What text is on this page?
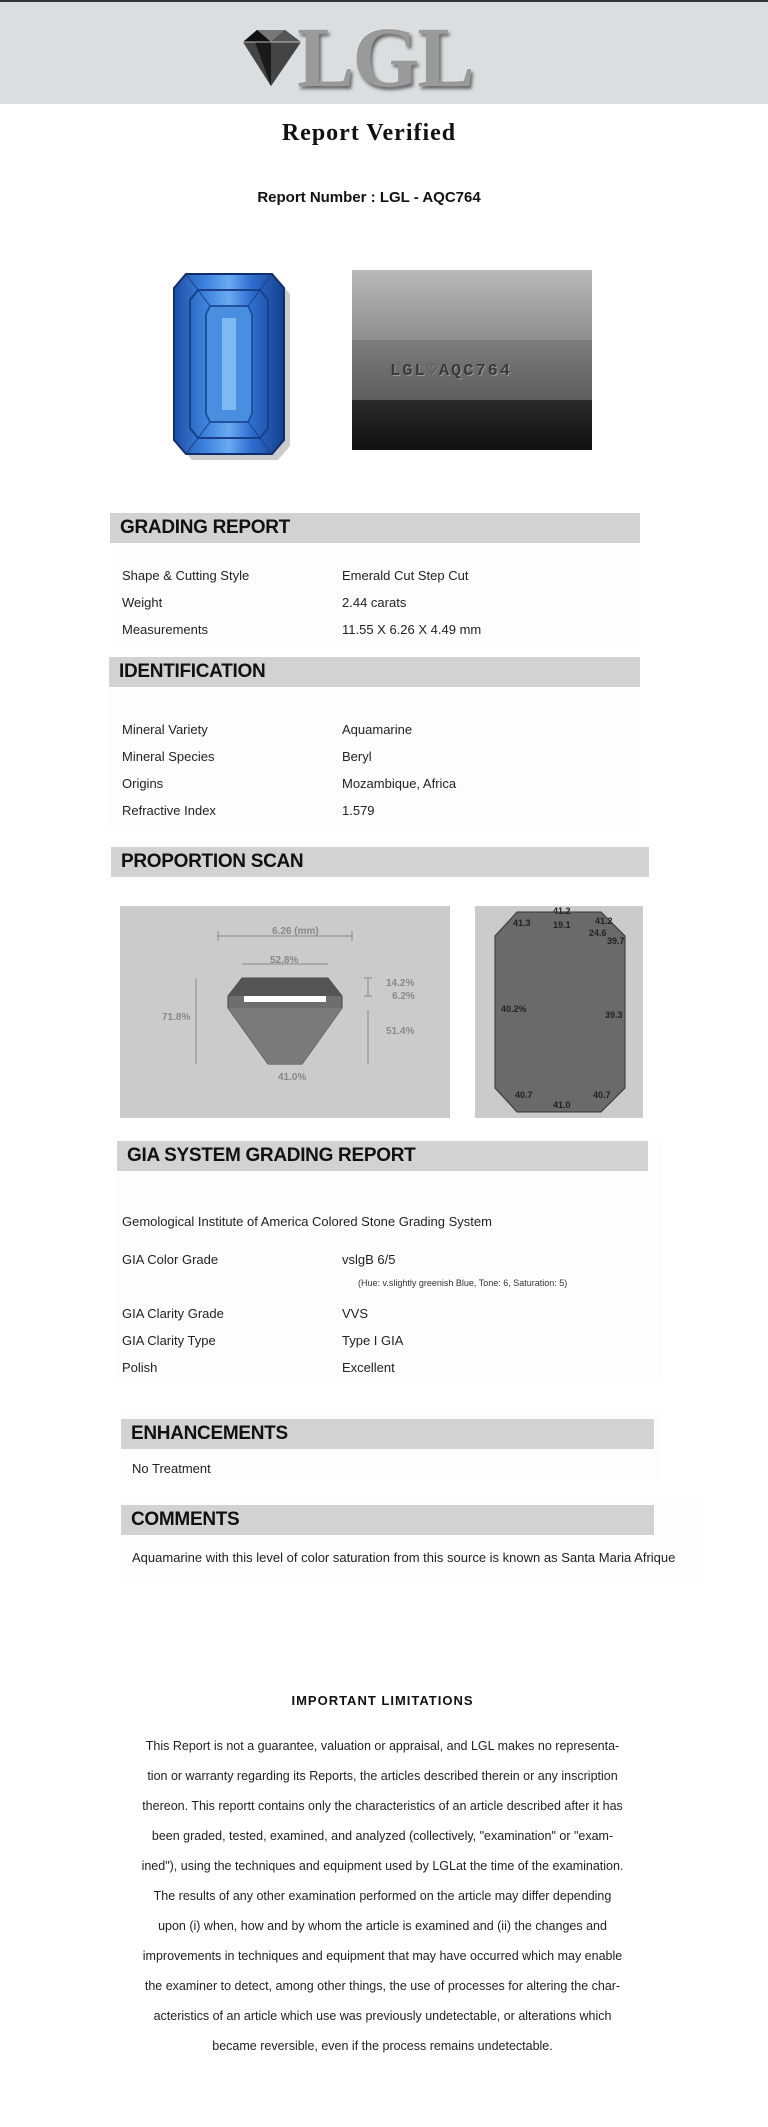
LGL
Report Verified
Report Number : LGL - AQC764
LGL♡AQC764
GRADING REPORT
Shape & Cutting Style	Emerald Cut Step Cut
Weight	2.44 carats
Measurements	11.55 X 6.26 X 4.49 mm
IDENTIFICATION
Mineral Variety	Aquamarine
Mineral Species	Beryl
Origins	Mozambique, Africa
Refractive Index	1.579
PROPORTION SCAN
6.26 (mm)
52.8%
71.8%
14.2%
6.2%
51.4%
41.0%
41.3
41.2
19.1	41.2
24.6
39.7
40.2%
39.3
40.7
41.0
40.7
GIA SYSTEM GRADING REPORT
Gemological Institute of America Colored Stone Grading System
GIA Color Grade	vslgB 6/5
(Hue: v.slightly greenish Blue, Tone: 6, Saturation: 5)
GIA Clarity Grade	VVS
GIA Clarity Type	Type I GIA
Polish	Excellent
ENHANCEMENTS
No Treatment
COMMENTS
Aquamarine with this level of color saturation from this source is known as Santa Maria Afrique
IMPORTANT LIMITATIONS
This Report is not a guarantee, valuation or appraisal, and LGL makes no representa-
tion or warranty regarding its Reports, the articles described therein or any inscription
thereon. This reportt contains only the characteristics of an article described after it has
been graded, tested, examined, and analyzed (collectively, "examination" or "exam-
ined"), using the techniques and equipment used by LGLat the time of the examination.
The results of any other examination performed on the article may differ depending
upon (i) when, how and by whom the article is examined and (ii) the changes and
improvements in techniques and equipment that may have occurred which may enable
the examiner to detect, among other things, the use of processes for altering the char-
acteristics of an article which use was previously undetectable, or alterations which
became reversible, even if the process remains undetectable.
